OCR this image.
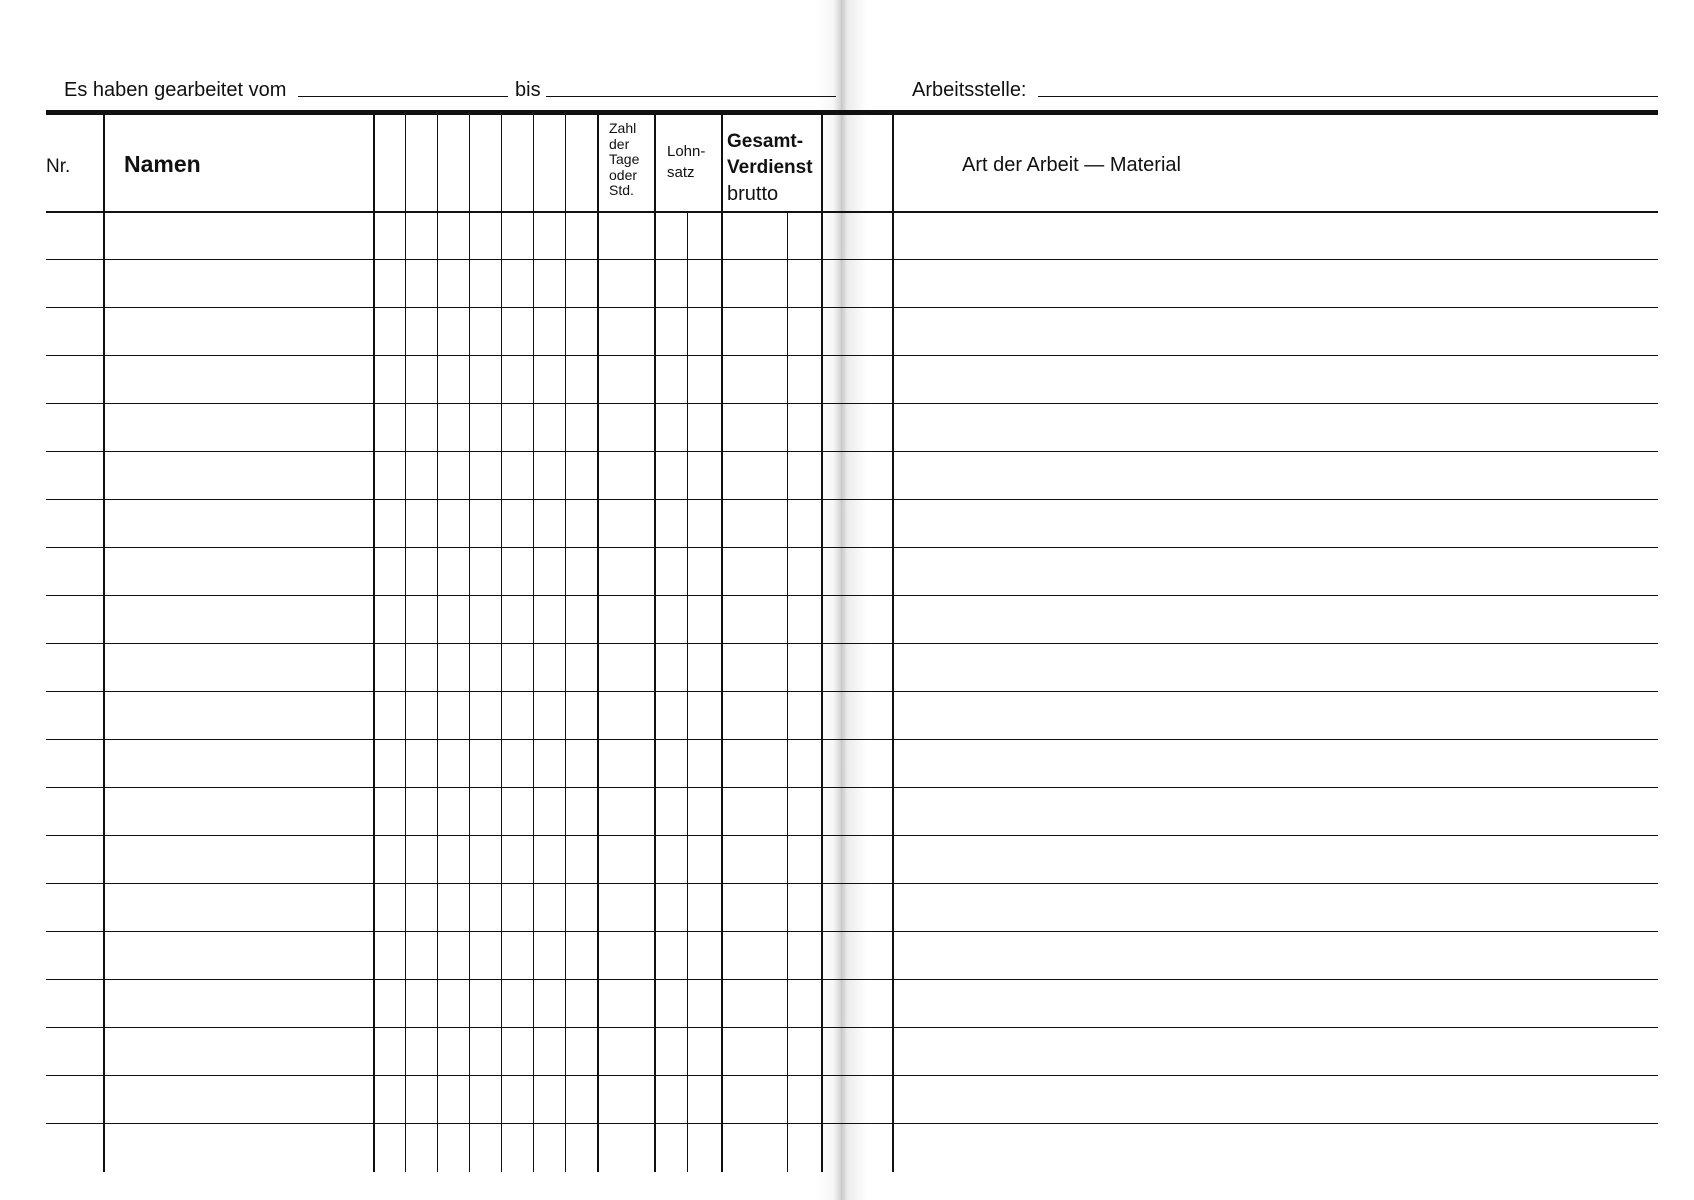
Es haben gearbeitet vom	bis	Arbeitsstelle:
Nr. Namen
Zahl
der
Tage
oder
Std.
Lohn-
satz
Gesamt-
Verdienst
brutto
Art der Arbeit — Material
